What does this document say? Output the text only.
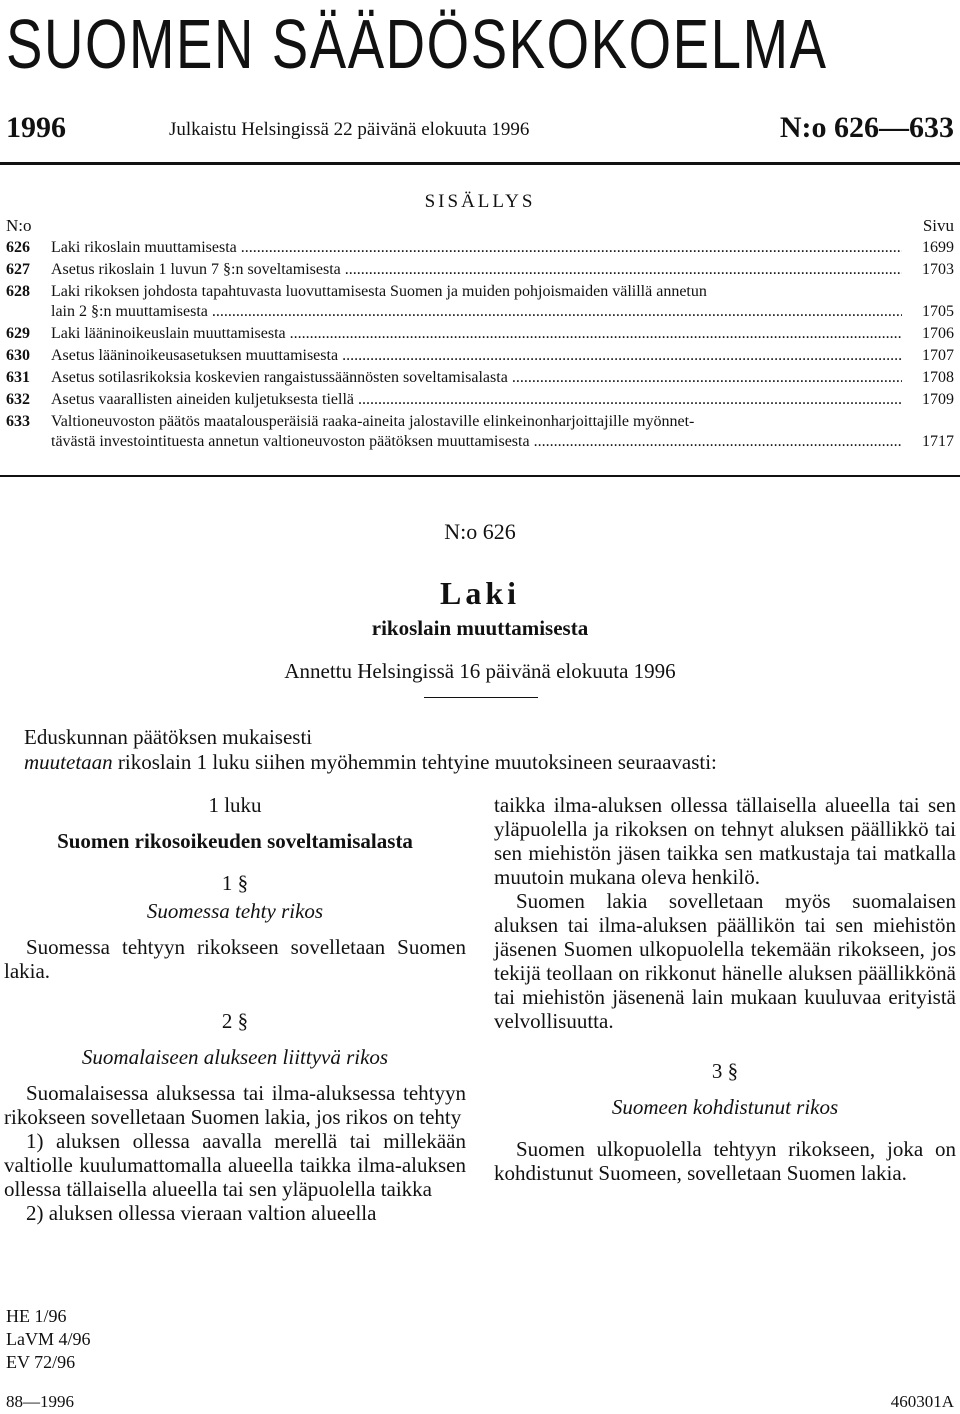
SUOMEN SÄÄDÖSKOKOELMA
1996	Julkaistu Helsingissä 22 päivänä elokuuta 1996	N:o 626—633
SISÄLLYS
N:o	Sivu
626	Laki rikoslain muuttamisesta .....	1699
627	Asetus rikoslain 1 luvun 7 §:n soveltamisesta .....	1703
628	Laki rikoksen johdosta tapahtuvasta luovuttamisesta Suomen ja muiden pohjoismaiden välillä annetun
lain 2 §:n muuttamisesta .....	1705
629	Laki lääninoikeuslain muuttamisesta .....	1706
630	Asetus lääninoikeusasetuksen muuttamisesta .....	1707
631	Asetus sotilasrikoksia koskevien rangaistussäännösten soveltamisalasta .....	1708
632	Asetus vaarallisten aineiden kuljetuksesta tiellä .....	1709
633	Valtioneuvoston päätös maatalousperäisiä raaka-aineita jalostaville elinkeinonharjoittajille myönnet-
tävästä investointituesta annetun valtioneuvoston päätöksen muuttamisesta .....	1717
N:o 626
Laki
rikoslain muuttamisesta
Annettu Helsingissä 16 päivänä elokuuta 1996

Eduskunnan päätöksen mukaisesti

muutetaan rikoslain 1 luku siihen myöhemmin tehtyine muutoksineen seuraavasti:

1 luku

Suomen rikosoikeuden soveltamisalasta

1 §

Suomessa tehty rikos

Suomessa tehtyyn rikokseen sovelletaan Suomen lakia.

2 §

Suomalaiseen alukseen liittyvä rikos

Suomalaisessa aluksessa tai ilma-aluksessa tehtyyn rikokseen sovelletaan Suomen lakia, jos rikos on tehty

1) aluksen ollessa aavalla merellä tai millekään valtiolle kuulumattomalla alueella taikka ilma-aluksen ollessa tällaisella alueella tai sen yläpuolella taikka

2) aluksen ollessa vieraan valtion alueella

taikka ilma-aluksen ollessa tällaisella alueella tai sen yläpuolella ja rikoksen on tehnyt aluksen päällikkö tai sen miehistön jäsen taikka sen matkustaja tai matkalla muutoin mukana oleva henkilö.

Suomen lakia sovelletaan myös suomalaisen aluksen tai ilma-aluksen päällikön tai sen miehistön jäsenen Suomen ulkopuolella tekemään rikokseen, jos tekijä teollaan on rikkonut hänelle aluksen päällikkönä tai miehistön jäsenenä lain mukaan kuuluvaa erityistä velvollisuutta.

3 §

Suomeen kohdistunut rikos

Suomen ulkopuolella tehtyyn rikokseen, joka on kohdistunut Suomeen, sovelletaan Suomen lakia.

HE 1/96
LaVM 4/96
EV 72/96
88—1996	460301A
